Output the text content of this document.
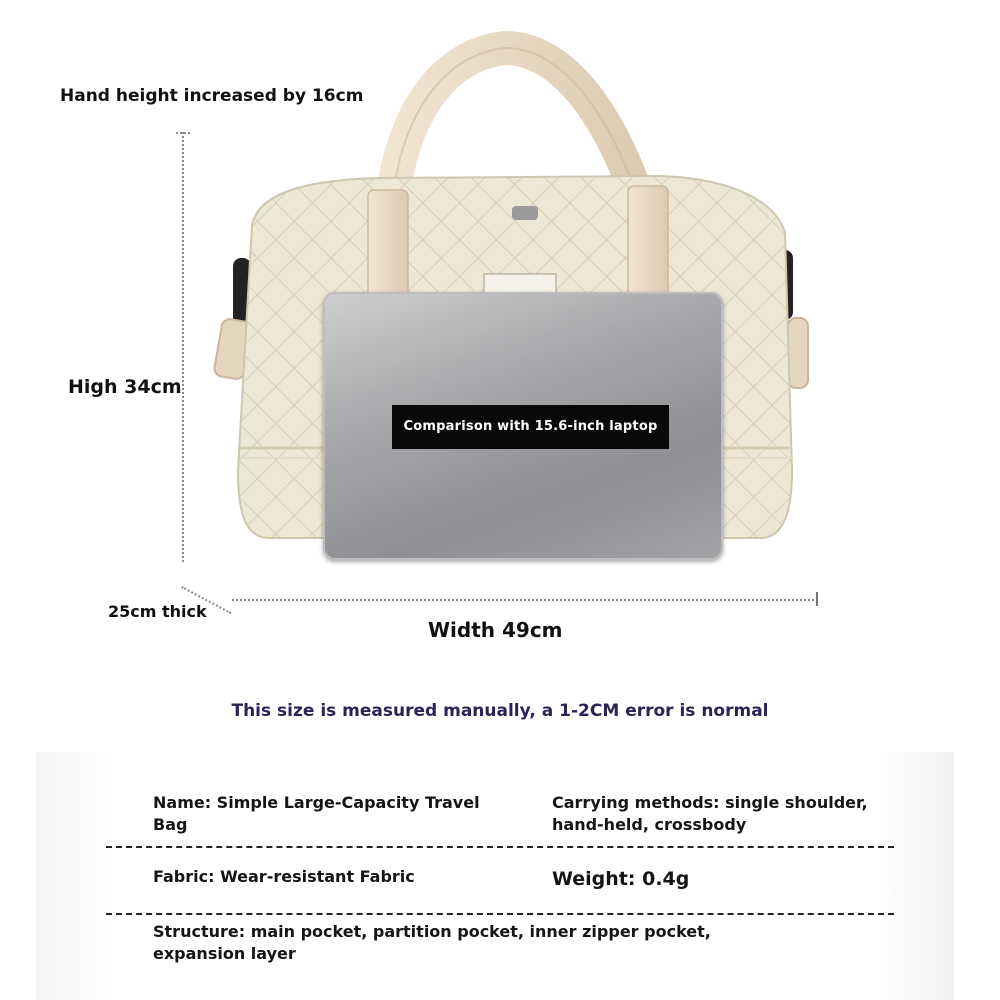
Comparison with 15.6-inch laptop
Hand height increased by 16cm
High 34cm
25cm thick
Width 49cm
This size is measured manually, a 1-2CM error is normal
Name: Simple Large-Capacity Travel Bag
Carrying methods: single shoulder, hand-held, crossbody
Fabric: Wear-resistant Fabric	Weight: 0.4g
Structure: main pocket, partition pocket, inner zipper pocket, expansion layer
